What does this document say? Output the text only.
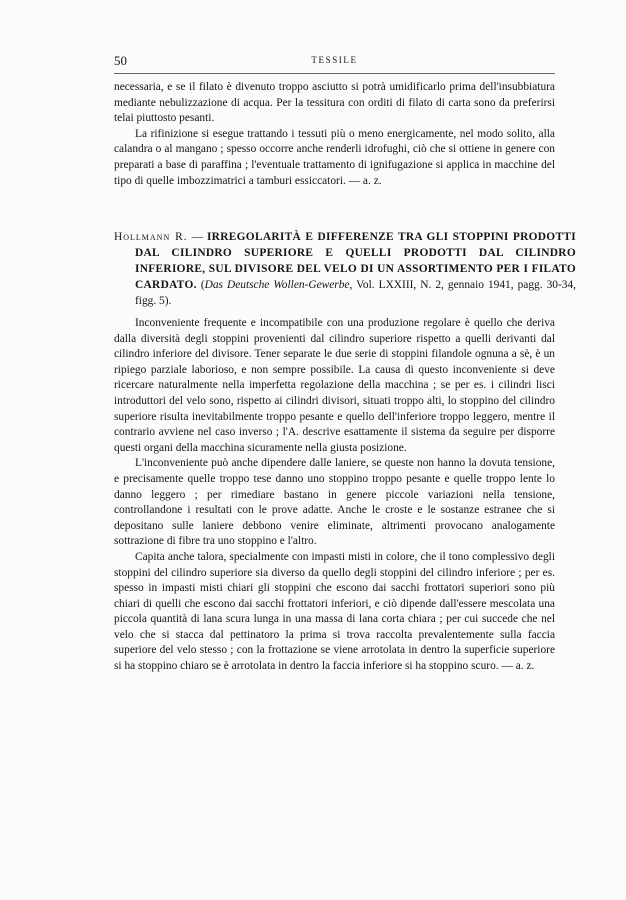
50	TESSILE

necessaria, e se il filato è divenuto troppo asciutto si potrà umidificarlo prima dell'insubbiatura mediante nebulizzazione di acqua. Per la tessitura con orditi di filato di carta sono da preferirsi telai piuttosto pesanti.

La rifinizione si esegue trattando i tessuti più o meno energicamente, nel modo solito, alla calandra o al mangano ; spesso occorre anche renderli idrofughi, ciò che si ottiene in genere con preparati a base di paraffina ; l'eventuale trattamento di ignifugazione si applica in macchine del tipo di quelle imbozzimatrici a tamburi essiccatori. — a. z.

Hollmann R. — IRREGOLARITÀ E DIFFERENZE TRA GLI STOPPINI PRODOTTI DAL CILINDRO SUPERIORE E QUELLI PRODOTTI DAL CILINDRO INFERIORE, SUL DIVISORE DEL VELO DI UN ASSORTIMENTO PER I FILATO CARDATO. (Das Deutsche Wollen-Gewerbe, Vol. LXXIII, N. 2, gennaio 1941, pagg. 30-34, figg. 5).

Inconveniente frequente e incompatibile con una produzione regolare è quello che deriva dalla diversità degli stoppini provenienti dal cilindro superiore rispetto a quelli derivanti dal cilindro inferiore del divisore. Tener separate le due serie di stoppini filandole ognuna a sè, è un ripiego parziale laborioso, e non sempre possibile. La causa di questo inconveniente si deve ricercare naturalmente nella imperfetta regolazione della macchina ; se per es. i cilindri lisci introduttori del velo sono, rispetto ai cilindri divisori, situati troppo alti, lo stoppino del cilindro superiore risulta inevitabilmente troppo pesante e quello dell'inferiore troppo leggero, mentre il contrario avviene nel caso inverso ; l'A. descrive esattamente il sistema da seguire per disporre questi organi della macchina sicuramente nella giusta posizione.

L'inconveniente può anche dipendere dalle laniere, se queste non hanno la dovuta tensione, e precisamente quelle troppo tese danno uno stoppino troppo pesante e quelle troppo lente lo danno leggero ; per rimediare bastano in genere piccole variazioni nella tensione, controllandone i resultati con le prove adatte. Anche le croste e le sostanze estranee che si depositano sulle laniere debbono venire eliminate, altrimenti provocano analogamente sottrazione di fibre tra uno stoppino e l'altro.

Capita anche talora, specialmente con impasti misti in colore, che il tono complessivo degli stoppini del cilindro superiore sia diverso da quello degli stoppini del cilindro inferiore ; per es. spesso in impasti misti chiari gli stoppini che escono dai sacchi frottatori superiori sono più chiari di quelli che escono dai sacchi frottatori inferiori, e ciò dipende dall'essere mescolata una piccola quantità di lana scura lunga in una massa di lana corta chiara ; per cui succede che nel velo che si stacca dal pettinatoro la prima si trova raccolta prevalentemente sulla faccia superiore del velo stesso ; con la frottazione se viene arrotolata in dentro la superficie superiore si ha stoppino chiaro se è arrotolata in dentro la faccia inferiore si ha stoppino scuro. — a. z.
